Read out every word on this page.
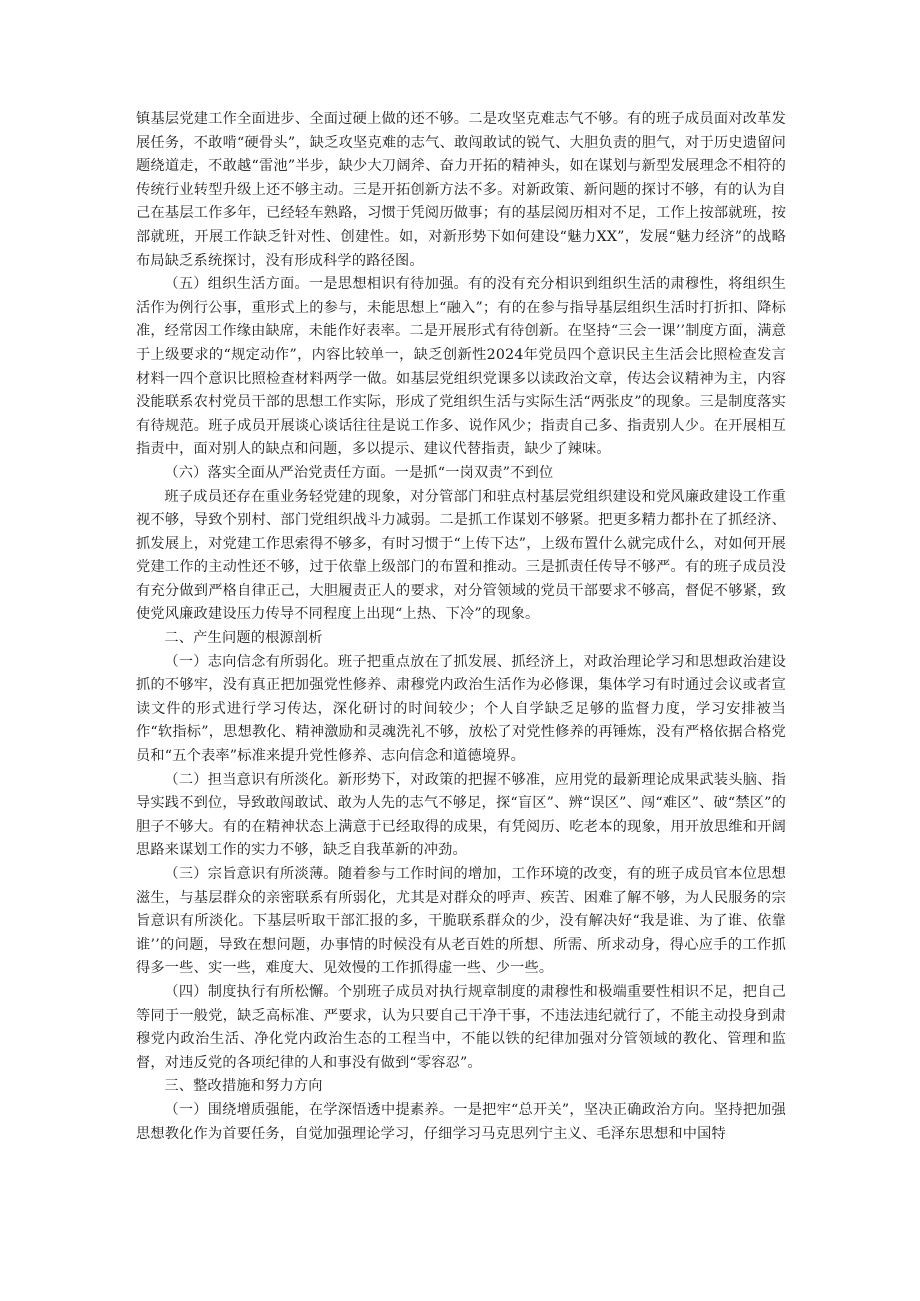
镇基层党建工作全面进步、全面过硬上做的还不够。二是攻坚克难志气不够。有的班子成员面对改革发展任务，不敢啃“硬骨头”，缺乏攻坚克难的志气、敢闯敢试的锐气、大胆负责的胆气，对于历史遗留问题绕道走，不敢越“雷池”半步，缺少大刀阔斧、奋力开拓的精神头，如在谋划与新型发展理念不相符的传统行业转型升级上还不够主动。三是开拓创新方法不多。对新政策、新问题的探讨不够，有的认为自己在基层工作多年，已经轻车熟路，习惯于凭阅历做事；有的基层阅历相对不足，工作上按部就班，按部就班，开展工作缺乏针对性、创建性。如，对新形势下如何建设“魅力XX”，发展“魅力经济”的战略布局缺乏系统探讨，没有形成科学的路径图。

（五）组织生活方面。一是思想相识有待加强。有的没有充分相识到组织生活的肃穆性，将组织生活作为例行公事，重形式上的参与，未能思想上“融入”；有的在参与指导基层组织生活时打折扣、降标准，经常因工作缘由缺席，未能作好表率。二是开展形式有待创新。在坚持“三会一课’’制度方面，满意于上级要求的“规定动作”，内容比较单一，缺乏创新性2024年党员四个意识民主生活会比照检查发言材料一四个意识比照检查材料两学一做。如基层党组织党课多以读政治文章，传达会议精神为主，内容没能联系农村党员干部的思想工作实际，形成了党组织生活与实际生活“两张皮”的现象。三是制度落实有待规范。班子成员开展谈心谈话往往是说工作多、说作风少；指责自己多、指责别人少。在开展相互指责中，面对别人的缺点和问题，多以提示、建议代替指责，缺少了辣味。

（六）落实全面从严治党责任方面。一是抓“一岗双责”不到位

班子成员还存在重业务轻党建的现象，对分管部门和驻点村基层党组织建设和党风廉政建设工作重视不够，导致个别村、部门党组织战斗力减弱。二是抓工作谋划不够紧。把更多精力都扑在了抓经济、抓发展上，对党建工作思索得不够多，有时习惯于“上传下达”，上级布置什么就完成什么，对如何开展党建工作的主动性还不够，过于依靠上级部门的布置和推动。三是抓责任传导不够严。有的班子成员没有充分做到严格自律正己，大胆履责正人的要求，对分管领域的党员干部要求不够高，督促不够紧，致使党风廉政建设压力传导不同程度上出现“上热、下冷”的现象。

二、产生问题的根源剖析

（一）志向信念有所弱化。班子把重点放在了抓发展、抓经济上，对政治理论学习和思想政治建设抓的不够牢，没有真正把加强党性修养、肃穆党内政治生活作为必修课，集体学习有时通过会议或者宣读文件的形式进行学习传达，深化研讨的时间较少；个人自学缺乏足够的监督力度，学习安排被当作“软指标”，思想教化、精神激励和灵魂洗礼不够，放松了对党性修养的再锤炼，没有严格依据合格党员和“五个表率”标准来提升党性修养、志向信念和道德境界。

（二）担当意识有所淡化。新形势下，对政策的把握不够准，应用党的最新理论成果武装头脑、指导实践不到位，导致敢闯敢试、敢为人先的志气不够足，探“盲区”、辨“误区”、闯“难区”、破“禁区”的胆子不够大。有的在精神状态上满意于已经取得的成果，有凭阅历、吃老本的现象，用开放思维和开阔思路来谋划工作的实力不够，缺乏自我革新的冲劲。

（三）宗旨意识有所淡薄。随着参与工作时间的增加，工作环境的改变，有的班子成员官本位思想滋生，与基层群众的亲密联系有所弱化，尤其是对群众的呼声、疾苦、困难了解不够，为人民服务的宗旨意识有所淡化。下基层听取干部汇报的多，干脆联系群众的少，没有解决好“我是谁、为了谁、依靠谁’’的问题，导致在想问题，办事情的时候没有从老百姓的所想、所需、所求动身，得心应手的工作抓得多一些、实一些，难度大、见效慢的工作抓得虚一些、少一些。

（四）制度执行有所松懈。个别班子成员对执行规章制度的肃穆性和极端重要性相识不足，把自己等同于一般党，缺乏高标准、严要求，认为只要自己干净干事，不违法违纪就行了，不能主动投身到肃穆党内政治生活、净化党内政治生态的工程当中，不能以铁的纪律加强对分管领域的教化、管理和监督，对违反党的各项纪律的人和事没有做到“零容忍”。

三、整改措施和努力方向

（一）围绕增质强能，在学深悟透中提素养。一是把牢“总开关”，坚决正确政治方向。坚持把加强思想教化作为首要任务，自觉加强理论学习，仔细学习马克思列宁主义、毛泽东思想和中国特
